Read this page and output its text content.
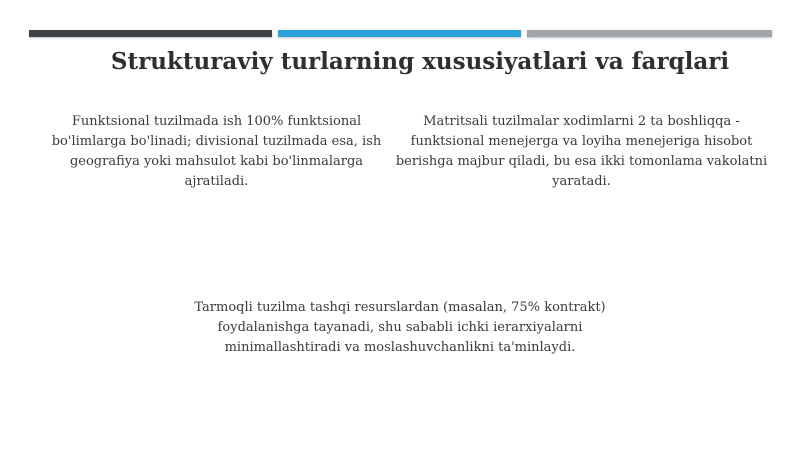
Strukturaviy turlarning xususiyatlari va farqlari

Funktsional tuzilmada ish 100% funktsional bo'limlarga bo'linadi; divisional tuzilmada esa, ish geografiya yoki mahsulot kabi bo'linmalarga ajratiladi.

Matritsali tuzilmalar xodimlarni 2 ta boshliqqa - funktsional menejerga va loyiha menejeriga hisobot berishga majbur qiladi, bu esa ikki tomonlama vakolatni yaratadi.

Tarmoqli tuzilma tashqi resurslardan (masalan, 75% kontrakt) foydalanishga tayanadi, shu sababli ichki ierarxiyalarni minimallashtiradi va moslashuvchanlikni ta'minlaydi.
